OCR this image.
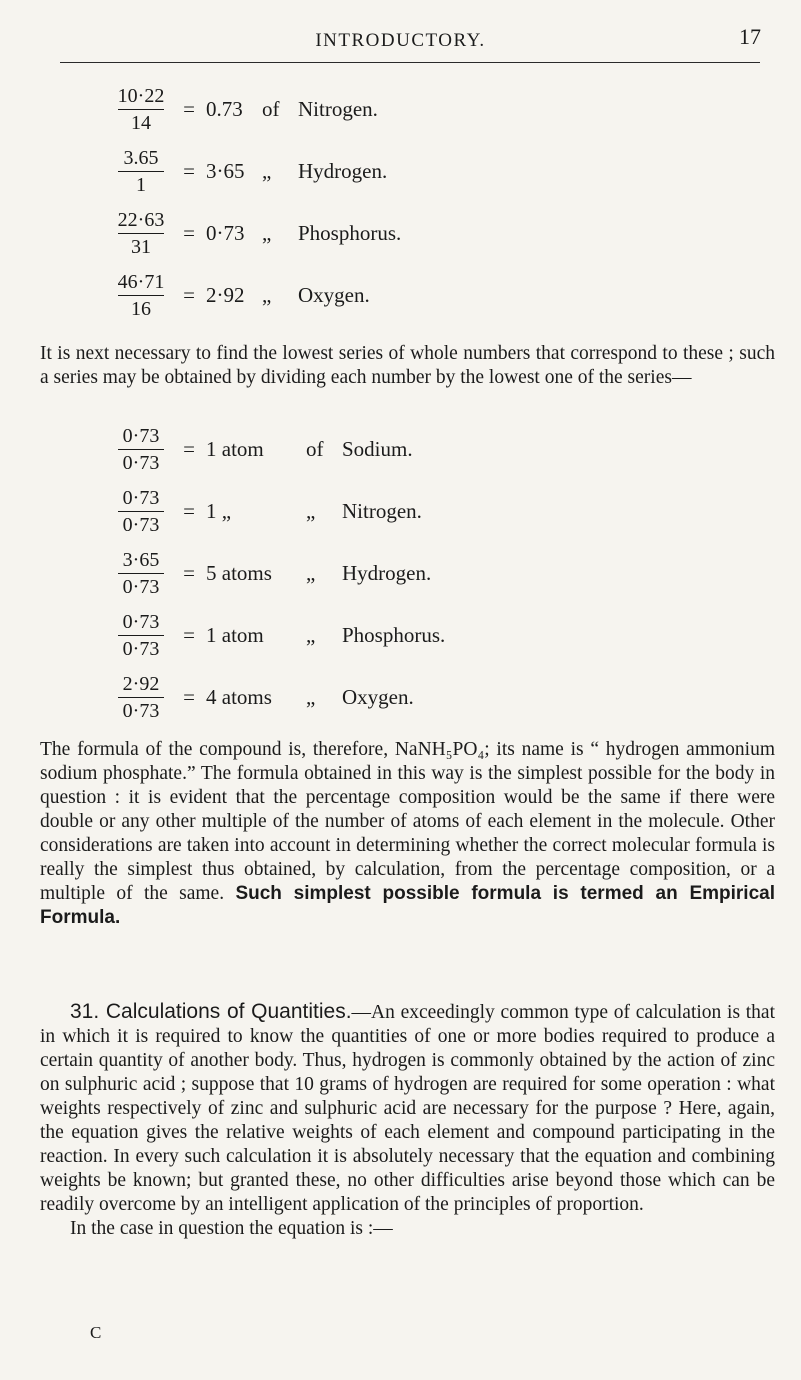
INTRODUCTORY.	17
$\frac{10\cdot 22}{14} = 0.73$ of Nitrogen.
$\frac{3.65}{1} = 3\cdot 65$ „	Hydrogen.
$\frac{22\cdot 63}{31} = 0\cdot 73$ „	Phosphorus.
$\frac{46\cdot 71}{16} = 2\cdot 92$ „	Oxygen.

It is next necessary to find the lowest series of whole numbers that correspond to these ; such a series may be obtained by dividing each number by the lowest one of the series—

$\frac{0\cdot 73}{0\cdot 73} = 1$ atom	of Sodium.
$\frac{0\cdot 73}{0\cdot 73} = 1$ „	„	Nitrogen.
$\frac{3\cdot 65}{0\cdot 73} = 5$ atoms	„	Hydrogen.
$\frac{0\cdot 73}{0\cdot 73} = 1$ atom	„	Phosphorus.
$\frac{2\cdot 92}{0\cdot 73} = 4$ atoms	„	Oxygen.

The formula of the compound is, therefore, NaNH₅PO₄; its name is “ hydrogen ammonium sodium phosphate.” The formula obtained in this way is the simplest possible for the body in question : it is evident that the percentage composition would be the same if there were double or any other multiple of the number of atoms of each element in the molecule. Other considerations are taken into account in determining whether the correct molecular formula is really the simplest thus obtained, by calculation, from the percentage composition, or a multiple of the same. Such simplest possible formula is termed an Empirical Formula.

31. Calculations of Quantities.—An exceedingly common type of calculation is that in which it is required to know the quantities of one or more bodies required to produce a certain quantity of another body. Thus, hydrogen is commonly obtained by the action of zinc on sulphuric acid ; suppose that 10 grams of hydrogen are required for some operation : what weights respectively of zinc and sulphuric acid are necessary for the purpose ? Here, again, the equation gives the relative weights of each element and compound participating in the reaction. In every such calculation it is absolutely necessary that the equation and combining weights be known; but granted these, no other difficulties arise beyond those which can be readily overcome by an intelligent application of the principles of proportion.

In the case in question the equation is :—

C
